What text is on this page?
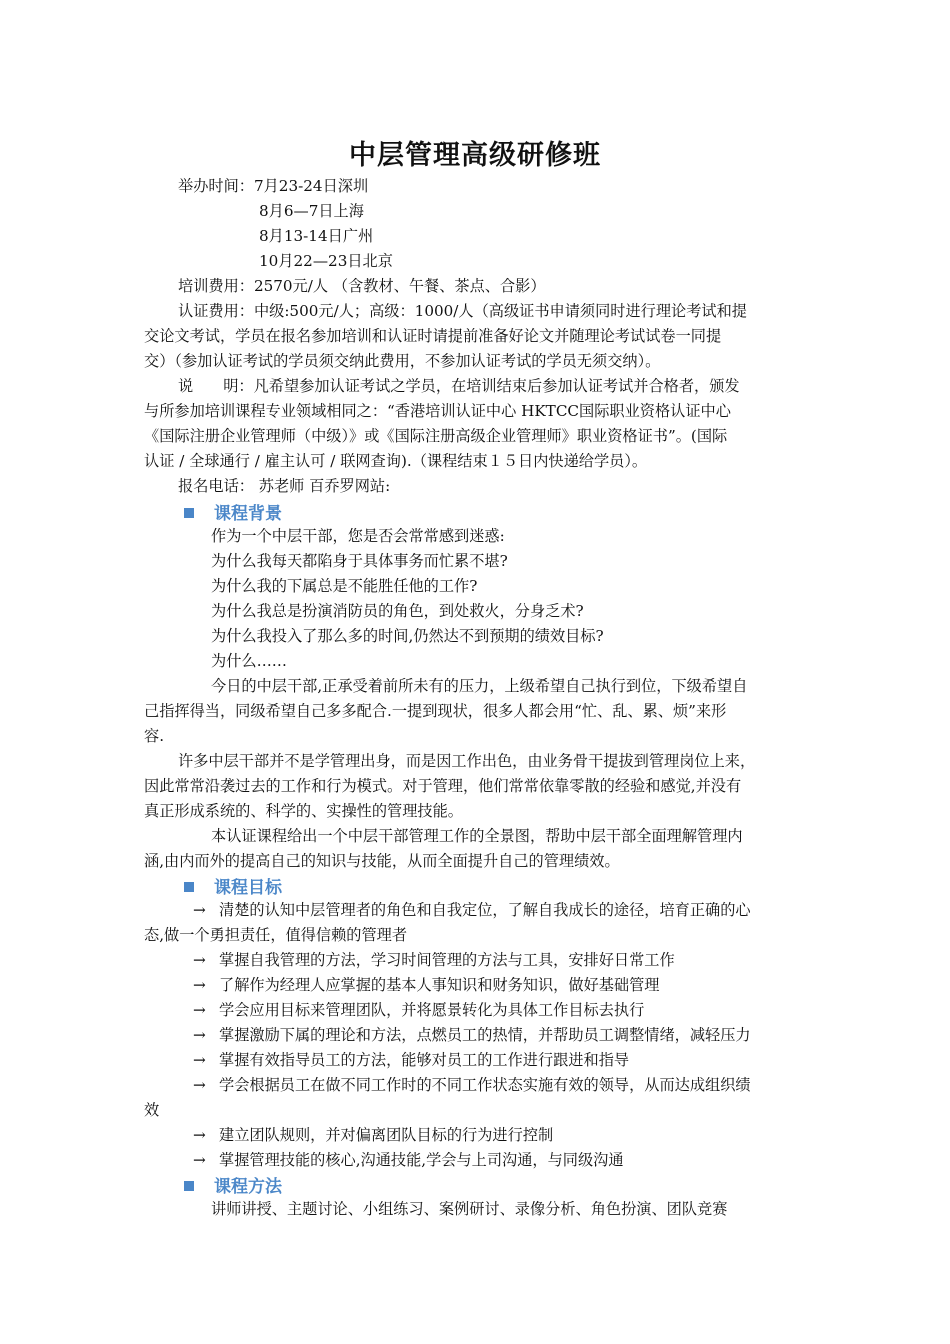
中层管理高级研修班
举办时间：7月23-24日深圳
8月6—7日上海
8月13-14日广州
10月22—23日北京
培训费用：2570元/人 （含教材、午餐、茶点、合影）
认证费用：中级:500元/人；高级：1000/人（高级证书申请须同时进行理论考试和提
交论文考试，学员在报名参加培训和认证时请提前准备好论文并随理论考试试卷一同提
交）（参加认证考试的学员须交纳此费用，不参加认证考试的学员无须交纳）。
说 明：凡希望参加认证考试之学员，在培训结束后参加认证考试并合格者，颁发
与所参加培训课程专业领域相同之：“香港培训认证中心 HKTCC国际职业资格认证中心
《国际注册企业管理师（中级）》或《国际注册高级企业管理师》职业资格证书”。(国际
认证 / 全球通行 / 雇主认可 / 联网查询).（课程结束１５日内快递给学员）。
报名电话： 苏老师 百乔罗网站:
课程背景
作为一个中层干部，您是否会常常感到迷惑:
为什么我每天都陷身于具体事务而忙累不堪?
为什么我的下属总是不能胜任他的工作?
为什么我总是扮演消防员的角色，到处救火，分身乏术?
为什么我投入了那么多的时间,仍然达不到预期的绩效目标?
为什么……
今日的中层干部,正承受着前所未有的压力，上级希望自己执行到位，下级希望自
己指挥得当，同级希望自己多多配合.一提到现状，很多人都会用“忙、乱、累、烦”来形
容.
许多中层干部并不是学管理出身，而是因工作出色，由业务骨干提拔到管理岗位上来，
因此常常沿袭过去的工作和行为模式。对于管理，他们常常依靠零散的经验和感觉,并没有
真正形成系统的、科学的、实操性的管理技能。
本认证课程给出一个中层干部管理工作的全景图，帮助中层干部全面理解管理内
涵,由内而外的提高自己的知识与技能，从而全面提升自己的管理绩效。
课程目标
→ 清楚的认知中层管理者的角色和自我定位，了解自我成长的途径，培育正确的心
态,做一个勇担责任，值得信赖的管理者
→ 掌握自我管理的方法，学习时间管理的方法与工具，安排好日常工作
→ 了解作为经理人应掌握的基本人事知识和财务知识，做好基础管理
→ 学会应用目标来管理团队，并将愿景转化为具体工作目标去执行
→ 掌握激励下属的理论和方法，点燃员工的热情，并帮助员工调整情绪，减轻压力
→ 掌握有效指导员工的方法，能够对员工的工作进行跟进和指导
→ 学会根据员工在做不同工作时的不同工作状态实施有效的领导，从而达成组织绩
效
→ 建立团队规则，并对偏离团队目标的行为进行控制
→ 掌握管理技能的核心,沟通技能,学会与上司沟通，与同级沟通
课程方法
讲师讲授、主题讨论、小组练习、案例研讨、录像分析、角色扮演、团队竞赛
